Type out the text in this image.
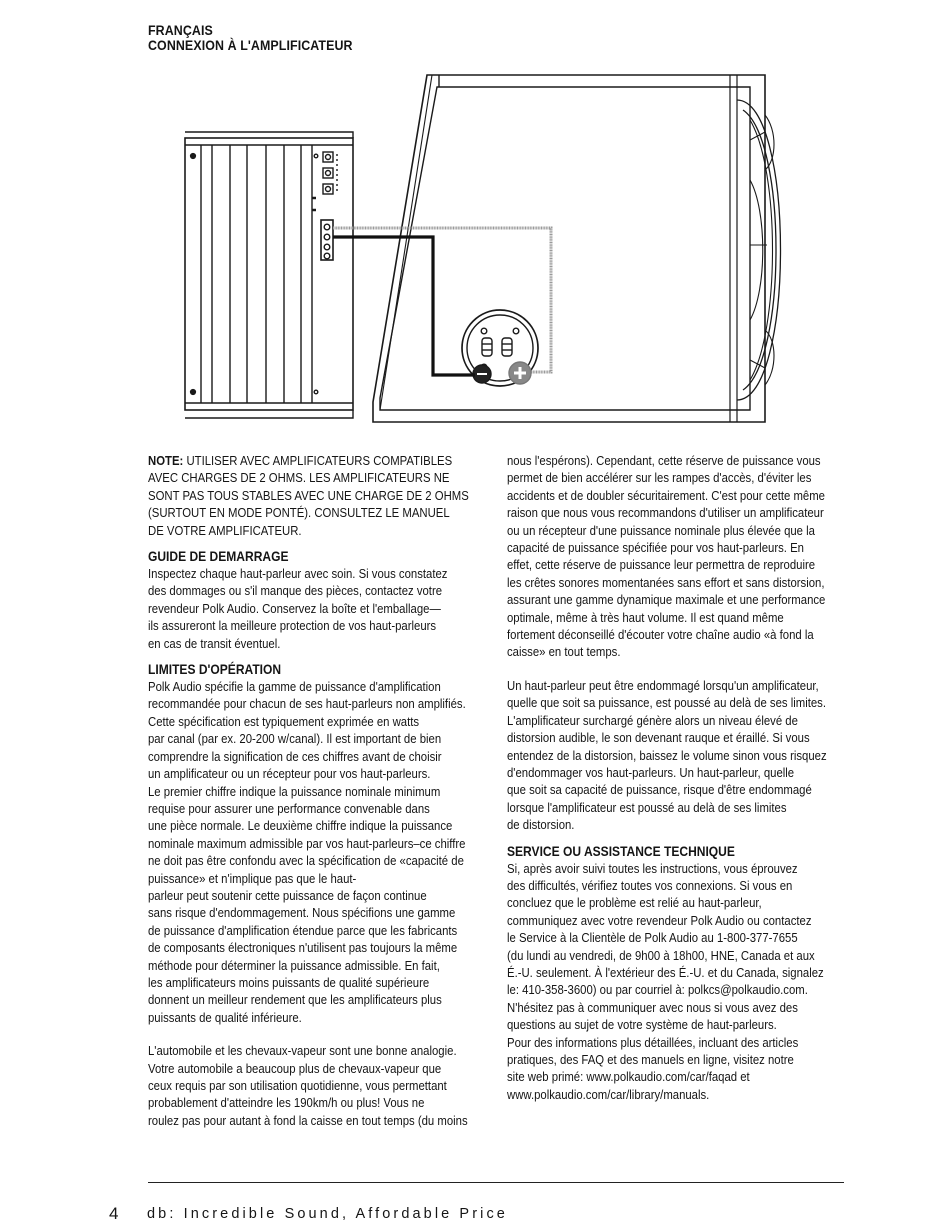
FRANÇAIS
CONNEXION À L'AMPLIFICATEUR

NOTE: UTILISER AVEC AMPLIFICATEURS COMPATIBLES
AVEC CHARGES DE 2 OHMS. LES AMPLIFICATEURS NE
SONT PAS TOUS STABLES AVEC UNE CHARGE DE 2 OHMS
(SURTOUT EN MODE PONTÉ). CONSULTEZ LE MANUEL
DE VOTRE AMPLIFICATEUR.

GUIDE DE DEMARRAGE

Inspectez chaque haut-parleur avec soin. Si vous constatez
des dommages ou s'il manque des pièces, contactez votre
revendeur Polk Audio. Conservez la boîte et l'emballage—
ils assureront la meilleure protection de vos haut-parleurs
en cas de transit éventuel.

LIMITES D'OPÉRATION

Polk Audio spécifie la gamme de puissance d'amplification
recommandée pour chacun de ses haut-parleurs non amplifiés.
Cette spécification est typiquement exprimée en watts
par canal (par ex. 20-200 w/canal). Il est important de bien
comprendre la signification de ces chiffres avant de choisir
un amplificateur ou un récepteur pour vos haut-parleurs.
Le premier chiffre indique la puissance nominale minimum
requise pour assurer une performance convenable dans
une pièce normale. Le deuxième chiffre indique la puissance
nominale maximum admissible par vos haut-parleurs–ce chiffre
ne doit pas être confondu avec la spécification de «capacité de
puissance» et n'implique pas que le haut-
parleur peut soutenir cette puissance de façon continue
sans risque d'endommagement. Nous spécifions une gamme
de puissance d'amplification étendue parce que les fabricants
de composants électroniques n'utilisent pas toujours la même
méthode pour déterminer la puissance admissible. En fait,
les amplificateurs moins puissants de qualité supérieure
donnent un meilleur rendement que les amplificateurs plus
puissants de qualité inférieure.

L'automobile et les chevaux-vapeur sont une bonne analogie.
Votre automobile a beaucoup plus de chevaux-vapeur que
ceux requis par son utilisation quotidienne, vous permettant
probablement d'atteindre les 190km/h ou plus! Vous ne
roulez pas pour autant à fond la caisse en tout temps (du moins

nous l'espérons). Cependant, cette réserve de puissance vous
permet de bien accélérer sur les rampes d'accès, d'éviter les
accidents et de doubler sécuritairement. C'est pour cette même
raison que nous vous recommandons d'utiliser un amplificateur
ou un récepteur d'une puissance nominale plus élevée que la
capacité de puissance spécifiée pour vos haut-parleurs. En
effet, cette réserve de puissance leur permettra de reproduire
les crêtes sonores momentanées sans effort et sans distorsion,
assurant une gamme dynamique maximale et une performance
optimale, même à très haut volume. Il est quand même
fortement déconseillé d'écouter votre chaîne audio «à fond la
caisse» en tout temps.

Un haut-parleur peut être endommagé lorsqu'un amplificateur,
quelle que soit sa puissance, est poussé au delà de ses limites.
L'amplificateur surchargé génère alors un niveau élevé de
distorsion audible, le son devenant rauque et éraillé. Si vous
entendez de la distorsion, baissez le volume sinon vous risquez
d'endommager vos haut-parleurs. Un haut-parleur, quelle
que soit sa capacité de puissance, risque d'être endommagé
lorsque l'amplificateur est poussé au delà de ses limites
de distorsion.

SERVICE OU ASSISTANCE TECHNIQUE

Si, après avoir suivi toutes les instructions, vous éprouvez
des difficultés, vérifiez toutes vos connexions. Si vous en
concluez que le problème est relié au haut-parleur,
communiquez avec votre revendeur Polk Audio ou contactez
le Service à la Clientèle de Polk Audio au 1-800-377-7655
(du lundi au vendredi, de 9h00 à 18h00, HNE, Canada et aux
É.-U. seulement. À l'extérieur des É.-U. et du Canada, signalez
le: 410-358-3600) ou par courriel à: polkcs@polkaudio.com.
N'hésitez pas à communiquer avec nous si vous avez des
questions au sujet de votre système de haut-parleurs.
Pour des informations plus détaillées, incluant des articles
pratiques, des FAQ et des manuels en ligne, visitez notre
site web primé: www.polkaudio.com/car/faqad et
www.polkaudio.com/car/library/manuals.

4 db: Incredible Sound, Affordable Price
